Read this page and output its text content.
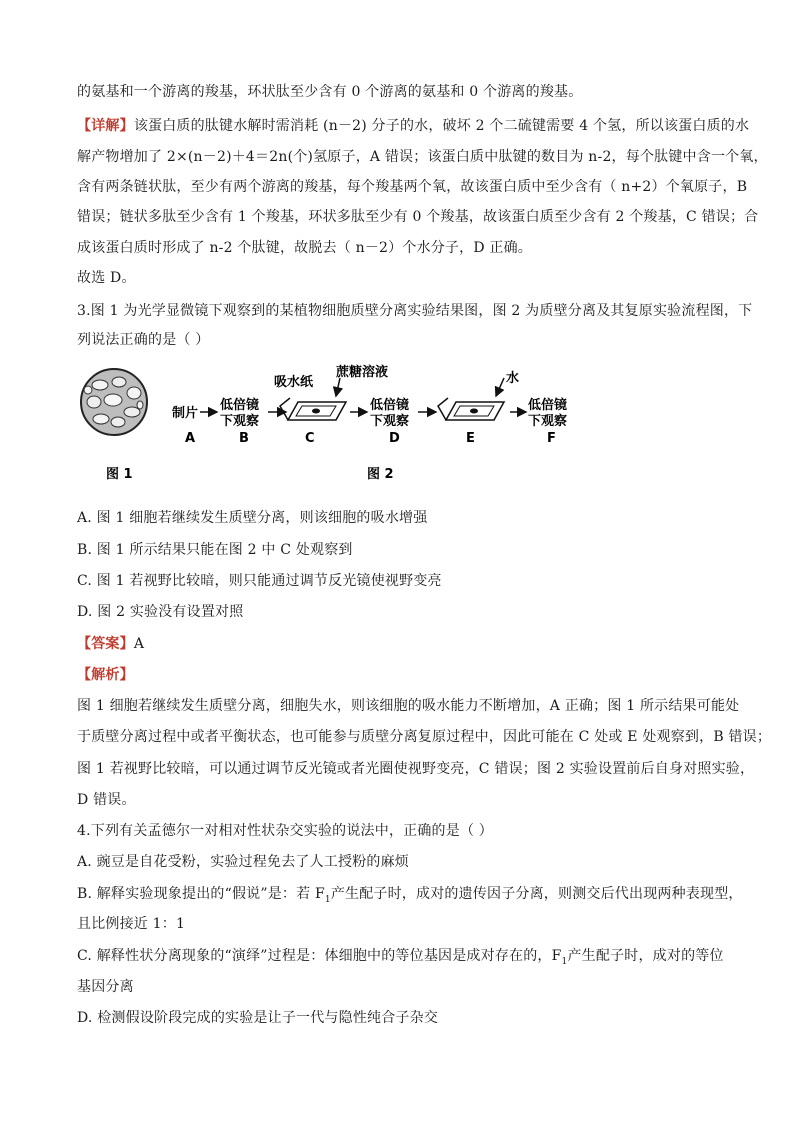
的氨基和一个游离的羧基，环状肽至少含有 0 个游离的氨基和 0 个游离的羧基。
【详解】该蛋白质的肽键水解时需消耗 (n－2) 分子的水，破坏 2 个二硫键需要 4 个氢，所以该蛋白质的水
解产物增加了 2×(n－2)＋4＝2n(个)氢原子，A 错误；该蛋白质中肽键的数目为 n-2，每个肽键中含一个氧，
含有两条链状肽，至少有两个游离的羧基，每个羧基两个氧，故该蛋白质中至少含有（ n+2）个氧原子，B
错误；链状多肽至少含有 1 个羧基，环状多肽至少有 0 个羧基，故该蛋白质至少含有 2 个羧基，C 错误；合
成该蛋白质时形成了 n-2 个肽键，故脱去（ n－2）个水分子，D 正确。
故选 D。
3.图 1 为光学显微镜下观察到的某植物细胞质壁分离实验结果图，图 2 为质壁分离及其复原实验流程图，下
列说法正确的是（ ）
图 1
制片
低倍镜
下观察
吸水纸
蔗糖溶液
低倍镜
下观察
水
低倍镜
下观察
A	B	C	D	E	F
图 2
A. 图 1 细胞若继续发生质壁分离，则该细胞的吸水增强
B. 图 1 所示结果只能在图 2 中 C 处观察到
C. 图 1 若视野比较暗，则只能通过调节反光镜使视野变亮
D. 图 2 实验没有设置对照
【答案】A
【解析】
图 1 细胞若继续发生质壁分离，细胞失水，则该细胞的吸水能力不断增加，A 正确；图 1 所示结果可能处
于质壁分离过程中或者平衡状态，也可能参与质壁分离复原过程中，因此可能在 C 处或 E 处观察到，B 错误；
图 1 若视野比较暗，可以通过调节反光镜或者光圈使视野变亮，C 错误；图 2 实验设置前后自身对照实验，
D 错误。
4.下列有关孟德尔一对相对性状杂交实验的说法中，正确的是（ ）
A. 豌豆是自花受粉，实验过程免去了人工授粉的麻烦
B. 解释实验现象提出的“假说”是：若 $F_1$产生配子时，成对的遗传因子分离，则测交后代出现两种表现型，
且比例接近 1：1
C. 解释性状分离现象的“演绎”过程是：体细胞中的等位基因是成对存在的，$F_1$产生配子时，成对的等位
基因分离
D. 检测假设阶段完成的实验是让子一代与隐性纯合子杂交
